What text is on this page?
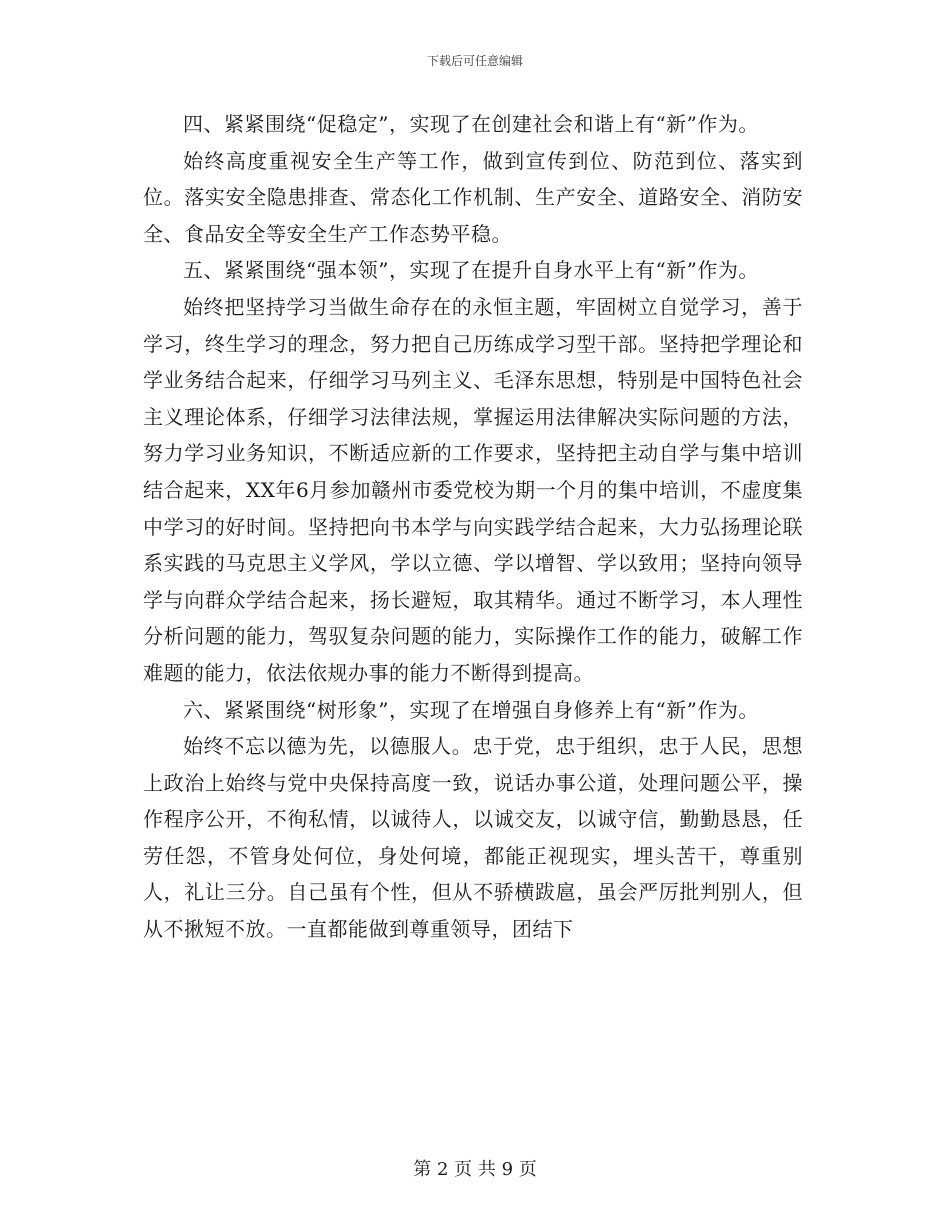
下载后可任意编辑

四、紧紧围绕“促稳定”，实现了在创建社会和谐上有“新”作为。

始终高度重视安全生产等工作，做到宣传到位、防范到位、落实到位。落实安全隐患排查、常态化工作机制、生产安全、道路安全、消防安全、食品安全等安全生产工作态势平稳。

五、紧紧围绕“强本领”，实现了在提升自身水平上有“新”作为。

始终把坚持学习当做生命存在的永恒主题，牢固树立自觉学习，善于学习，终生学习的理念，努力把自己历练成学习型干部。坚持把学理论和学业务结合起来，仔细学习马列主义、毛泽东思想，特别是中国特色社会主义理论体系，仔细学习法律法规，掌握运用法律解决实际问题的方法，努力学习业务知识，不断适应新的工作要求，坚持把主动自学与集中培训结合起来，XX年6月参加赣州市委党校为期一个月的集中培训，不虚度集中学习的好时间。坚持把向书本学与向实践学结合起来，大力弘扬理论联系实践的马克思主义学风，学以立德、学以增智、学以致用；坚持向领导学与向群众学结合起来，扬长避短，取其精华。通过不断学习，本人理性分析问题的能力，驾驭复杂问题的能力，实际操作工作的能力，破解工作难题的能力，依法依规办事的能力不断得到提高。

六、紧紧围绕“树形象”，实现了在增强自身修养上有“新”作为。

始终不忘以德为先，以德服人。忠于党，忠于组织，忠于人民，思想上政治上始终与党中央保持高度一致，说话办事公道，处理问题公平，操作程序公开，不徇私情，以诚待人，以诚交友，以诚守信，勤勤恳恳，任劳任怨，不管身处何位，身处何境，都能正视现实，埋头苦干，尊重别人，礼让三分。自己虽有个性，但从不骄横跋扈，虽会严厉批判别人，但从不揪短不放。一直都能做到尊重领导，团结下

第 2 页 共 9 页
